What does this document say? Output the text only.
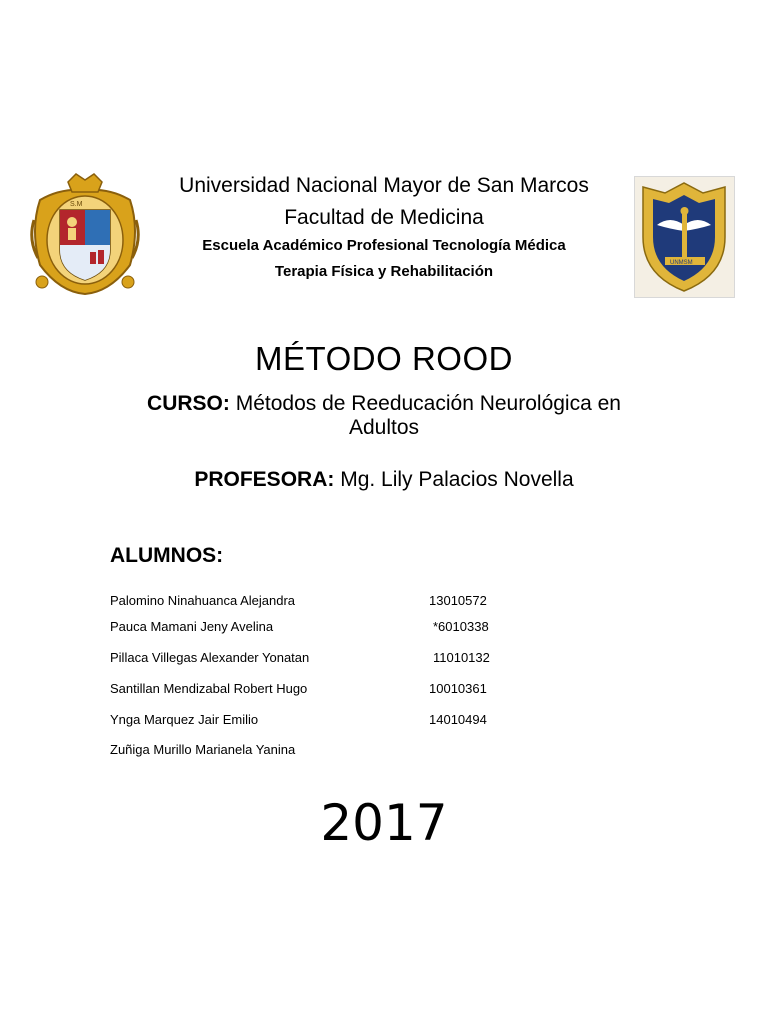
S.M
Universidad Nacional Mayor de San Marcos
Facultad de Medicina
Escuela Académico Profesional Tecnología Médica
Terapia Física y Rehabilitación	UNMSM
MÉTODO ROOD
CURSO: Métodos de Reeducación Neurológica en Adultos
PROFESORA: Mg. Lily Palacios Novella
ALUMNOS:
Palomino Ninahuanca Alejandra	13010572
Pauca Mamani Jeny Avelina	*6010338
Pillaca Villegas Alexander Yonatan	11010132
Santillan Mendizabal Robert Hugo	10010361
Ynga Marquez Jair Emilio	14010494
Zuñiga Murillo Marianela Yanina
2017
